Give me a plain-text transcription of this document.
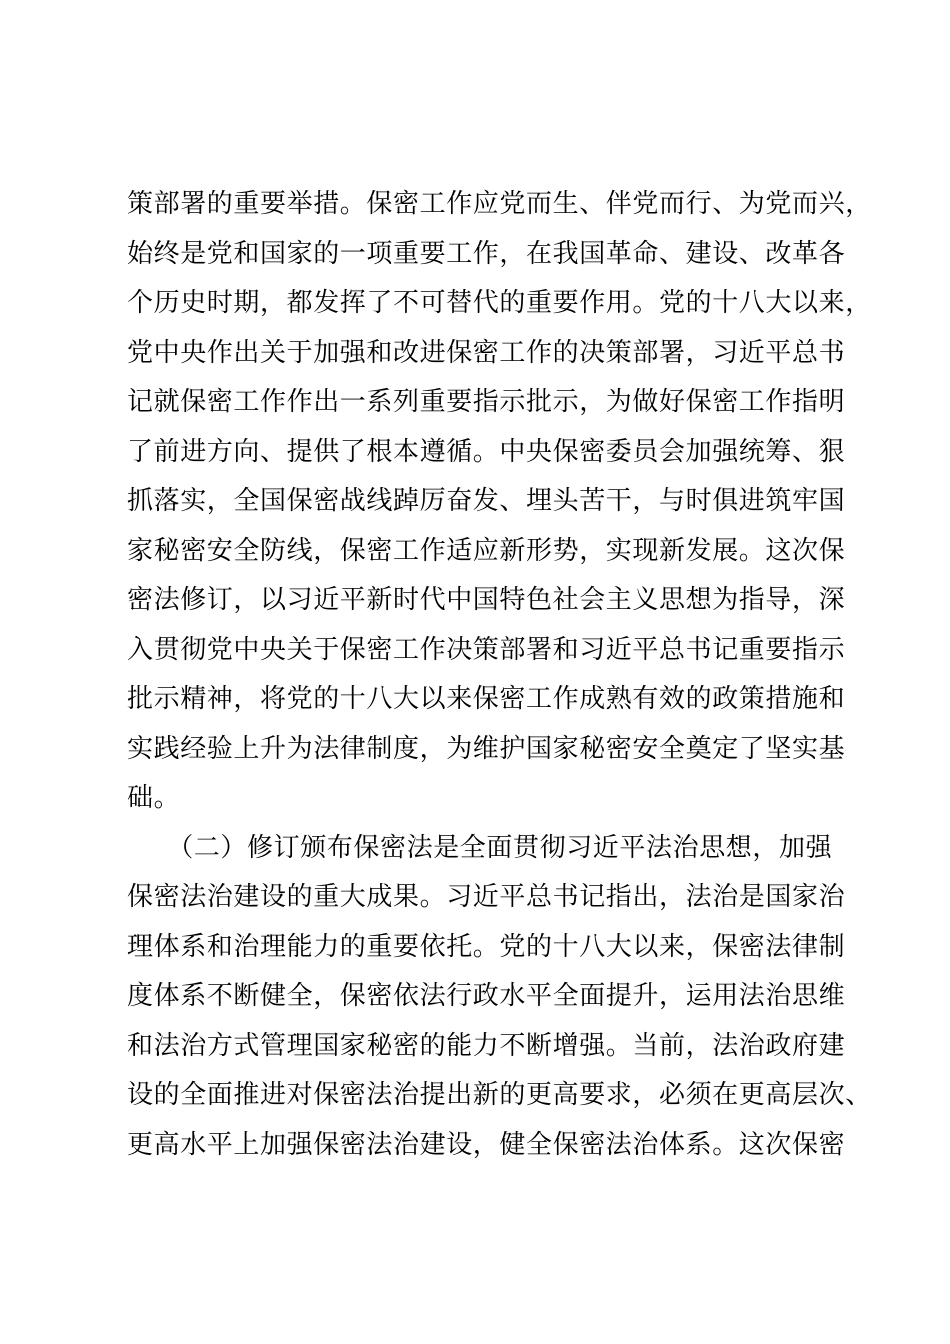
策部署的重要举措。保密工作应党而生、伴党而行、为党而兴，
始终是党和国家的一项重要工作，在我国革命、建设、改革各
个历史时期，都发挥了不可替代的重要作用。党的十八大以来，
党中央作出关于加强和改进保密工作的决策部署，习近平总书
记就保密工作作出一系列重要指示批示，为做好保密工作指明
了前进方向、提供了根本遵循。中央保密委员会加强统筹、狠
抓落实，全国保密战线踔厉奋发、埋头苦干，与时俱进筑牢国
家秘密安全防线，保密工作适应新形势，实现新发展。这次保
密法修订，以习近平新时代中国特色社会主义思想为指导，深
入贯彻党中央关于保密工作决策部署和习近平总书记重要指示
批示精神，将党的十八大以来保密工作成熟有效的政策措施和
实践经验上升为法律制度，为维护国家秘密安全奠定了坚实基
础。
　　（二）修订颁布保密法是全面贯彻习近平法治思想，加强
保密法治建设的重大成果。习近平总书记指出，法治是国家治
理体系和治理能力的重要依托。党的十八大以来，保密法律制
度体系不断健全，保密依法行政水平全面提升，运用法治思维
和法治方式管理国家秘密的能力不断增强。当前，法治政府建
设的全面推进对保密法治提出新的更高要求，必须在更高层次、
更高水平上加强保密法治建设，健全保密法治体系。这次保密
